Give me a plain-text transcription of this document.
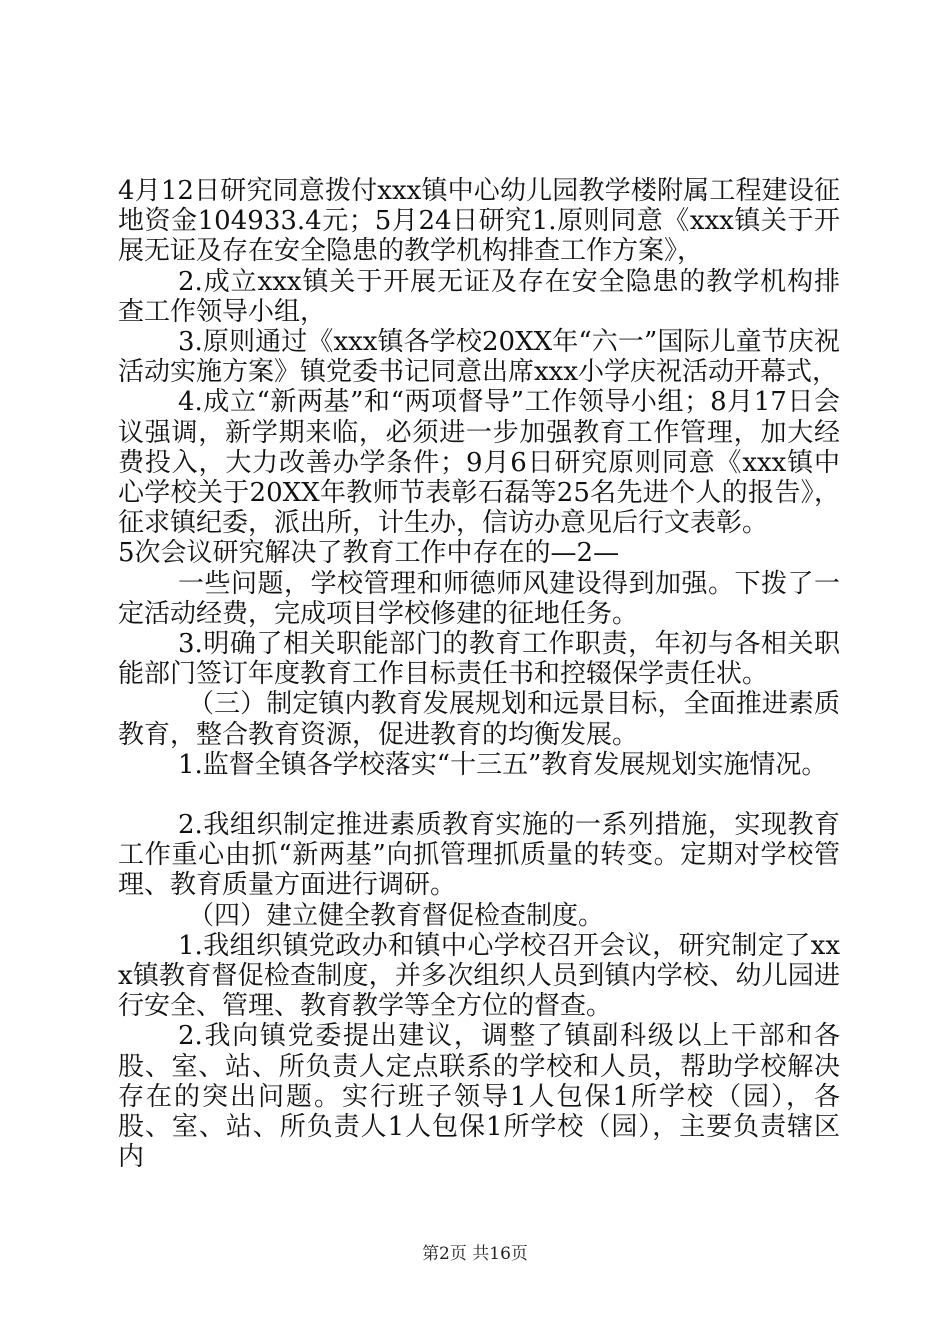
4月12日研究同意拨付xxx镇中心幼儿园教学楼附属工程建设征地资金104933.4元；5月24日研究1.原则同意《xxx镇关于开展无证及存在安全隐患的教学机构排查工作方案》，

2.成立xxx镇关于开展无证及存在安全隐患的教学机构排查工作领导小组，

3.原则通过《xxx镇各学校20XX年“六一”国际儿童节庆祝活动实施方案》镇党委书记同意出席xxx小学庆祝活动开幕式，

4.成立“新两基”和“两项督导”工作领导小组；8月17日会议强调，新学期来临，必须进一步加强教育工作管理，加大经费投入，大力改善办学条件；9月6日研究原则同意《xxx镇中心学校关于20XX年教师节表彰石磊等25名先进个人的报告》，征求镇纪委，派出所，计生办，信访办意见后行文表彰。

5次会议研究解决了教育工作中存在的—2—

一些问题，学校管理和师德师风建设得到加强。下拨了一定活动经费，完成项目学校修建的征地任务。

3.明确了相关职能部门的教育工作职责，年初与各相关职能部门签订年度教育工作目标责任书和控辍保学责任状。

（三）制定镇内教育发展规划和远景目标，全面推进素质教育，整合教育资源，促进教育的均衡发展。

1.监督全镇各学校落实“十三五”教育发展规划实施情况。

2.我组织制定推进素质教育实施的一系列措施，实现教育工作重心由抓“新两基”向抓管理抓质量的转变。定期对学校管理、教育质量方面进行调研。

（四）建立健全教育督促检查制度。

1.我组织镇党政办和镇中心学校召开会议，研究制定了xxx镇教育督促检查制度，并多次组织人员到镇内学校、幼儿园进行安全、管理、教育教学等全方位的督查。

2.我向镇党委提出建议，调整了镇副科级以上干部和各股、室、站、所负责人定点联系的学校和人员，帮助学校解决存在的突出问题。实行班子领导1人包保1所学校（园），各股、室、站、所负责人1人包保1所学校（园），主要负责辖区内

第2页 共16页
